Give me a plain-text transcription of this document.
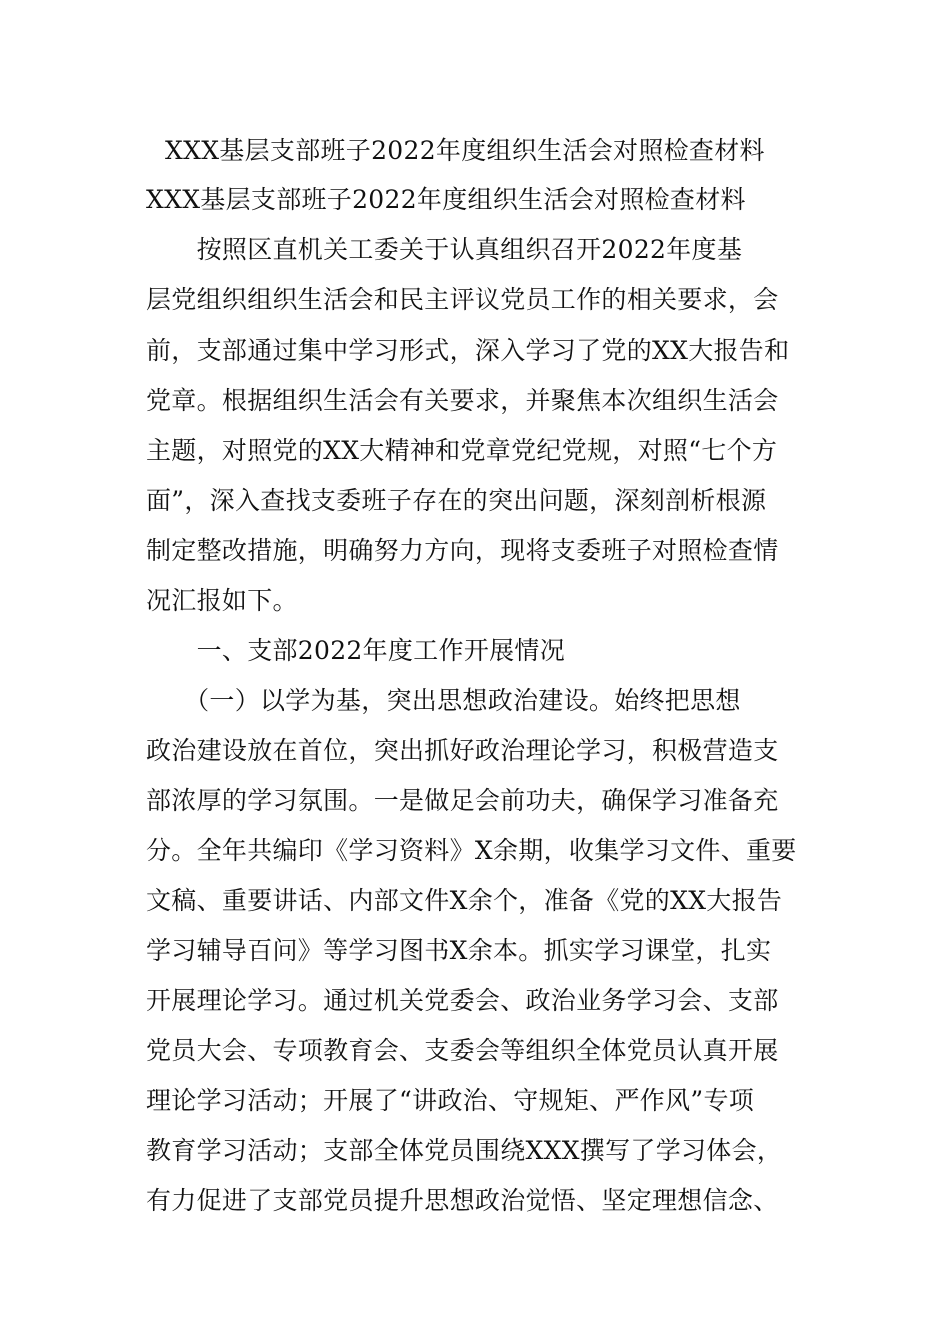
XXX基层支部班子2022年度组织生活会对照检查材料
XXX基层支部班子2022年度组织生活会对照检查材料
　　按照区直机关工委关于认真组织召开2022年度基
层党组织组织生活会和民主评议党员工作的相关要求，会
前，支部通过集中学习形式，深入学习了党的XX大报告和
党章。根据组织生活会有关要求，并聚焦本次组织生活会
主题，对照党的XX大精神和党章党纪党规，对照“七个方
面”，深入查找支委班子存在的突出问题，深刻剖析根源
制定整改措施，明确努力方向，现将支委班子对照检查情
况汇报如下。
　　一、支部2022年度工作开展情况
　　（一）以学为基，突出思想政治建设。始终把思想
政治建设放在首位，突出抓好政治理论学习，积极营造支
部浓厚的学习氛围。一是做足会前功夫，确保学习准备充
分。全年共编印《学习资料》X余期，收集学习文件、重要
文稿、重要讲话、内部文件X余个，准备《党的XX大报告
学习辅导百问》等学习图书X余本。抓实学习课堂，扎实
开展理论学习。通过机关党委会、政治业务学习会、支部
党员大会、专项教育会、支委会等组织全体党员认真开展
理论学习活动；开展了“讲政治、守规矩、严作风”专项
教育学习活动；支部全体党员围绕XXX撰写了学习体会，
有力促进了支部党员提升思想政治觉悟、坚定理想信念、
